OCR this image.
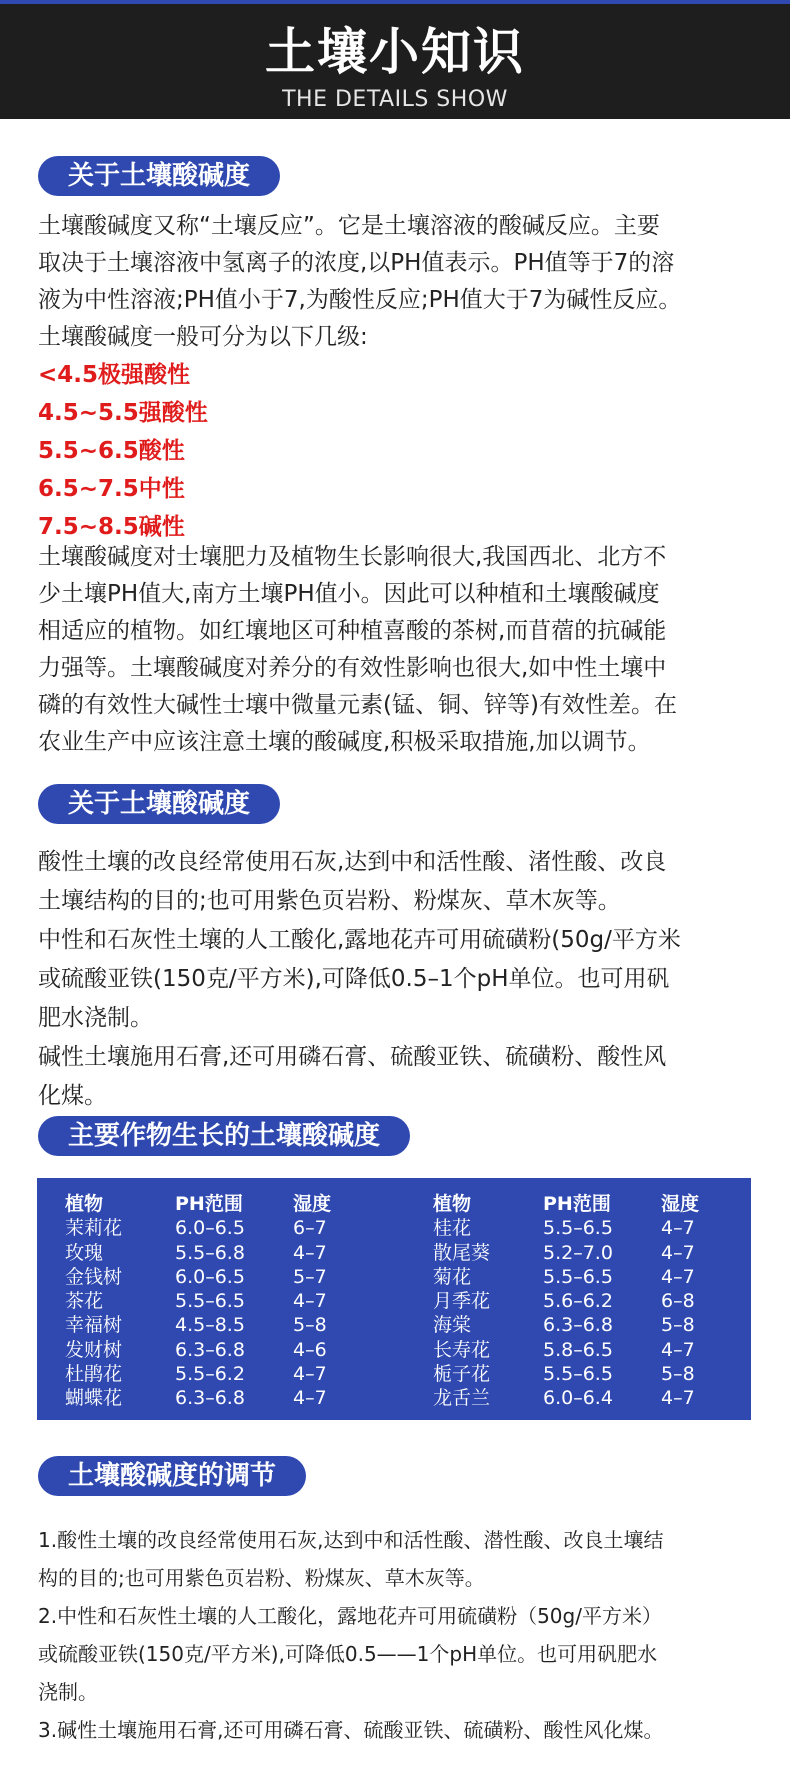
土壤小知识
THE DETAILS SHOW
关于土壤酸碱度

土壤酸碱度又称“土壤反应”。它是土壤溶液的酸碱反应。主要

取决于土壤溶液中氢离子的浓度,以PH值表示。PH值等于7的溶

液为中性溶液;PH值小于7,为酸性反应;PH值大于7为碱性反应。

土壤酸碱度一般可分为以下几级:

<4.5极强酸性

4.5~5.5强酸性

5.5~6.5酸性

6.5~7.5中性

7.5~8.5碱性

土壤酸碱度对士壤肥力及植物生长影响很大,我国西北、北方不

少土壤PH值大,南方土壤PH值小。因此可以种植和土壤酸碱度

相适应的植物。如红壤地区可种植喜酸的茶树,而苜蓿的抗碱能

力强等。土壤酸碱度对养分的有效性影响也很大,如中性土壤中

磷的有效性大碱性士壤中微量元素(锰、铜、锌等)有效性差。在

农业生产中应该注意土壤的酸碱度,积极采取措施,加以调节。

关于土壤酸碱度

酸性土壤的改良经常使用石灰,达到中和活性酸、渚性酸、改良

土壤结构的目的;也可用紫色页岩粉、粉煤灰、草木灰等。

中性和石灰性土壤的人工酸化,露地花卉可用硫磺粉(50g/平方米

或硫酸亚铁(150克/平方米),可降低0.5–1个pH单位。也可用矾

肥水浇制。

碱性土壤施用石膏,还可用磷石膏、硫酸亚铁、硫磺粉、酸性风

化煤。

主要作物生长的土壤酸碱度
植物
茉莉花
玫瑰
金钱树
茶花
幸福树
发财树
杜鹃花
蝴蝶花
PH范围
6.0–6.5
5.5–6.8
6.0–6.5
5.5–6.5
4.5–8.5
6.3–6.8
5.5–6.2
6.3–6.8
湿度
6–7
4–7
5–7
4–7
5–8
4–6
4–7
4–7
植物
桂花
散尾葵
菊花
月季花
海棠
长寿花
栀子花
龙舌兰
PH范围
5.5–6.5
5.2–7.0
5.5–6.5
5.6–6.2
6.3–6.8
5.8–6.5
5.5–6.5
6.0–6.4
湿度
4–7
4–7
4–7
6–8
5–8
4–7
5–8
4–7
土壤酸碱度的调节

1.酸性土壤的改良经常使用石灰,达到中和活性酸、潜性酸、改良土壤结

构的目的;也可用紫色页岩粉、粉煤灰、草木灰等。

2.中性和石灰性土壤的人工酸化，露地花卉可用硫磺粉（50g/平方米）

或硫酸亚铁(150克/平方米),可降低0.5——1个pH单位。也可用矾肥水

浇制。

3.碱性土壤施用石膏,还可用磷石膏、硫酸亚铁、硫磺粉、酸性风化煤。
